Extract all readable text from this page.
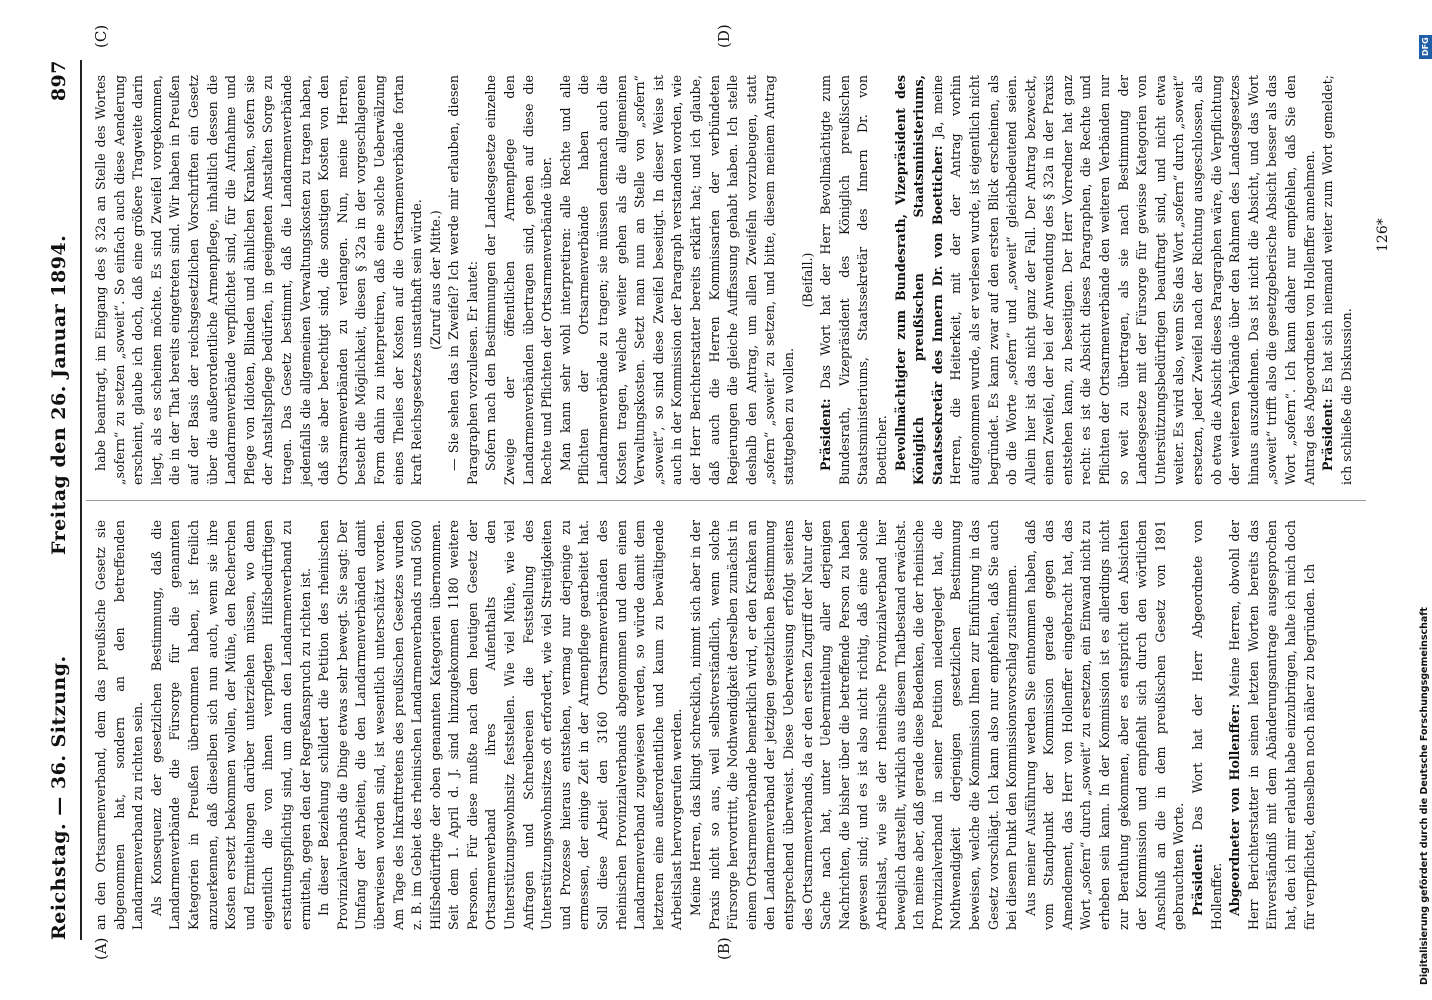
Reichstag. — 36. Sitzung.
Freitag den 26. Januar 1894.
897
(A)	(B)
(C)	(D)

an den Ortsarmenverband, dem das preußische Gesetz sie abgenommen hat, sondern an den betreffenden Landarmenverband zu richten sein. Als Konsequenz der gesetzlichen Bestimmung, daß die Landarmenverbände die Fürsorge für die genannten Kategorien in Preußen übernommen haben, ist freilich anzuerkennen, daß dieselben sich nun auch, wenn sie ihre Kosten ersetzt bekommen wollen, der Mühe, den Recherchen und Ermittelungen darüber unterziehen müssen, wo denn eigentlich die von ihnen verpflegten Hilfsbedürftigen erstattungspflichtig sind, um dann den Landarmenverband zu ermitteln, gegen den der Regreßanspruch zu richten ist. In dieser Beziehung schildert die Petition des rheinischen Provinzialverbands die Dinge etwas sehr bewegt. Sie sagt: Der Umfang der Arbeiten, die den Landarmenverbänden damit überwiesen worden sind, ist wesentlich unterschätzt worden. Am Tage des Inkrafttretens des preußischen Gesetzes wurden z. B. im Gebiet des rheinischen Landarmenverbands rund 5600 Hilfsbedürftige der oben genannten Kategorien übernommen. Seit dem 1. April d. J. sind hinzugekommen 1180 weitere Personen. Für diese mußte nach dem heutigen Gesetz der Ortsarmenverband ihres Aufenthalts den Unterstützungswohnsitz feststellen. Wie viel Mühe, wie viel Anfragen und Schreibereien die Feststellung des Unterstützungswohnsitzes oft erfordert, wie viel Streitigkeiten und Prozesse hieraus entstehen, vermag nur derjenige zu ermessen, der einige Zeit in der Armenpflege gearbeitet hat. Soll diese Arbeit den 3160 Ortsarmenverbänden des rheinischen Provinzialverbands abgenommen und dem einen Landarmenverband zugewiesen werden, so würde damit dem letzteren eine außerordentliche und kaum zu bewältigende Arbeitslast hervorgerufen werden. Meine Herren, das klingt schrecklich, nimmt sich aber in der Praxis nicht so aus, weil selbstverständlich, wenn solche Fürsorge hervortritt, die Nothwendigkeit derselben zunächst in einem Ortsarmenverbande bemerklich wird, er den Kranken an den Landarmenverband der jetzigen gesetzlichen Bestimmung entsprechend überweist. Diese Ueberweisung erfolgt seitens des Ortsarmenverbands, da er den ersten Zugriff der Natur der Sache nach hat, unter Uebermittelung aller derjenigen Nachrichten, die bisher über die betreffende Person zu haben gewesen sind; und es ist also nicht richtig, daß eine solche Arbeitslast, wie sie der rheinische Provinzialverband hier beweglich darstellt, wirklich aus diesem Thatbestand erwächst. Ich meine aber, daß gerade diese Bedenken, die der rheinische Provinzialverband in seiner Petition niedergelegt hat, die Nothwendigkeit derjenigen gesetzlichen Bestimmung beweisen, welche die Kommission Ihnen zur Einführung in das Gesetz vorschlägt. Ich kann also nur empfehlen, daß Sie auch bei diesem Punkt den Kommissionsvorschlag zustimmen. Aus meiner Ausführung werden Sie entnommen haben, daß vom Standpunkt der Kommission gerade gegen das Amendement, das Herr von Hollenffer eingebracht hat, das Wort „sofern“ durch „soweit“ zu ersetzen, ein Einwand nicht zu erheben sein kann. In der Kommission ist es allerdings nicht zur Berathung gekommen, aber es entspricht den Absichten der Kommission und empfiehlt sich durch den wörtlichen Anschluß an die in dem preußischen Gesetz von 1891 gebrauchten Worte. Präsident: Das Wort hat der Herr Abgeordnete von Hollenffer. Abgeordneter von Hollenffer: Meine Herren, obwohl der Herr Berichterstatter in seinen letzten Worten bereits das Einverständniß mit dem Abänderungsantrage ausgesprochen hat, den ich mir erlaubt habe einzubringen, halte ich mich doch für verpflichtet, denselben noch näher zu begründen. Ich

habe beantragt, im Eingang des § 32a an Stelle des Wortes „sofern“ zu setzen „soweit“. So einfach auch diese Aenderung erscheint, glaube ich doch, daß eine größere Tragweite darin liegt, als es scheinen möchte. Es sind Zweifel vorgekommen, die in der That bereits eingetreten sind. Wir haben in Preußen auf der Basis der reichsgesetzlichen Vorschriften ein Gesetz über die außerordentliche Armenpflege, inhaltlich dessen die Landarmenverbände verpflichtet sind, für die Aufnahme und Pflege von Idioten, Blinden und ähnlichen Kranken, sofern sie der Anstaltspflege bedürfen, in geeigneten Anstalten Sorge zu tragen. Das Gesetz bestimmt, daß die Landarmenverbände jedenfalls die allgemeinen Verwaltungskosten zu tragen haben, daß sie aber berechtigt sind, die sonstigen Kosten von den Ortsarmenverbänden zu verlangen. Nun, meine Herren, besteht die Möglichkeit, diesen § 32a in der vorgeschlagenen Form dahin zu interpretiren, daß eine solche Ueberwälzung eines Theiles der Kosten auf die Ortsarmenverbände fortan kraft Reichsgesetzes unstatthaft sein würde. (Zuruf aus der Mitte.) — Sie sehen das in Zweifel? Ich werde mir erlauben, diesen Paragraphen vorzulesen. Er lautet: Sofern nach den Bestimmungen der Landesgesetze einzelne Zweige der öffentlichen Armenpflege den Landarmenverbänden übertragen sind, gehen auf diese die Rechte und Pflichten der Ortsarmenverbände über. Man kann sehr wohl interpretiren: alle Rechte und alle Pflichten der Ortsarmenverbände haben die Landarmenverbände zu tragen; sie müssen demnach auch die Kosten tragen, welche weiter gehen als die allgemeinen Verwaltungskosten. Setzt man nun an Stelle von „sofern“ „soweit“, so sind diese Zweifel beseitigt. In dieser Weise ist auch in der Kommission der Paragraph verstanden worden, wie der Herr Berichterstatter bereits erklärt hat; und ich glaube, daß auch die Herren Kommissarien der verbündeten Regierungen die gleiche Auffassung gehabt haben. Ich stelle deshalb den Antrag, um allen Zweifeln vorzubeugen, statt „sofern“ „soweit“ zu setzen, und bitte, diesem meinem Antrag stattgeben zu wollen.

(Beifall.)

Präsident: Das Wort hat der Herr Bevollmächtigte zum Bundesrath, Vizepräsident des Königlich preußischen Staatsministeriums, Staatssekretär des Innern Dr. von Boetticher. Bevollmächtigter zum Bundesrath, Vizepräsident des Königlich preußischen Staatsministeriums, Staatssekretär des Innern Dr. von Boetticher: Ja, meine Herren, die Heiterkeit, mit der der Antrag vorhin aufgenommen wurde, als er verlesen wurde, ist eigentlich nicht begründet. Es kann zwar auf den ersten Blick erscheinen, als ob die Worte „sofern“ und „soweit“ gleichbedeutend seien. Allein hier ist das nicht ganz der Fall. Der Antrag bezweckt, einen Zweifel, der bei der Anwendung des § 32a in der Praxis entstehen kann, zu beseitigen. Der Herr Vorredner hat ganz recht: es ist die Absicht dieses Paragraphen, die Rechte und Pflichten der Ortsarmenverbände den weiteren Verbänden nur so weit zu übertragen, als sie nach Bestimmung der Landesgesetze mit der Fürsorge für gewisse Kategorien von Unterstützungsbedürftigen beauftragt sind, und nicht etwa weiter. Es wird also, wenn Sie das Wort „sofern“ durch „soweit“ ersetzen, jeder Zweifel nach der Richtung ausgeschlossen, als ob etwa die Absicht dieses Paragraphen wäre, die Verpflichtung der weiteren Verbände über den Rahmen des Landesgesetzes hinaus auszudehnen. Das ist nicht die Absicht, und das Wort „soweit“ trifft also die gesetzgeberische Absicht besser als das Wort „sofern“. Ich kann daher nur empfehlen, daß Sie den Antrag des Abgeordneten von Hollenffer annehmen. Präsident: Es hat sich niemand weiter zum Wort gemeldet; ich schließe die Diskussion.

126*
DFG
Digitalisierung gefördert durch die Deutsche Forschungsgemeinschaft
